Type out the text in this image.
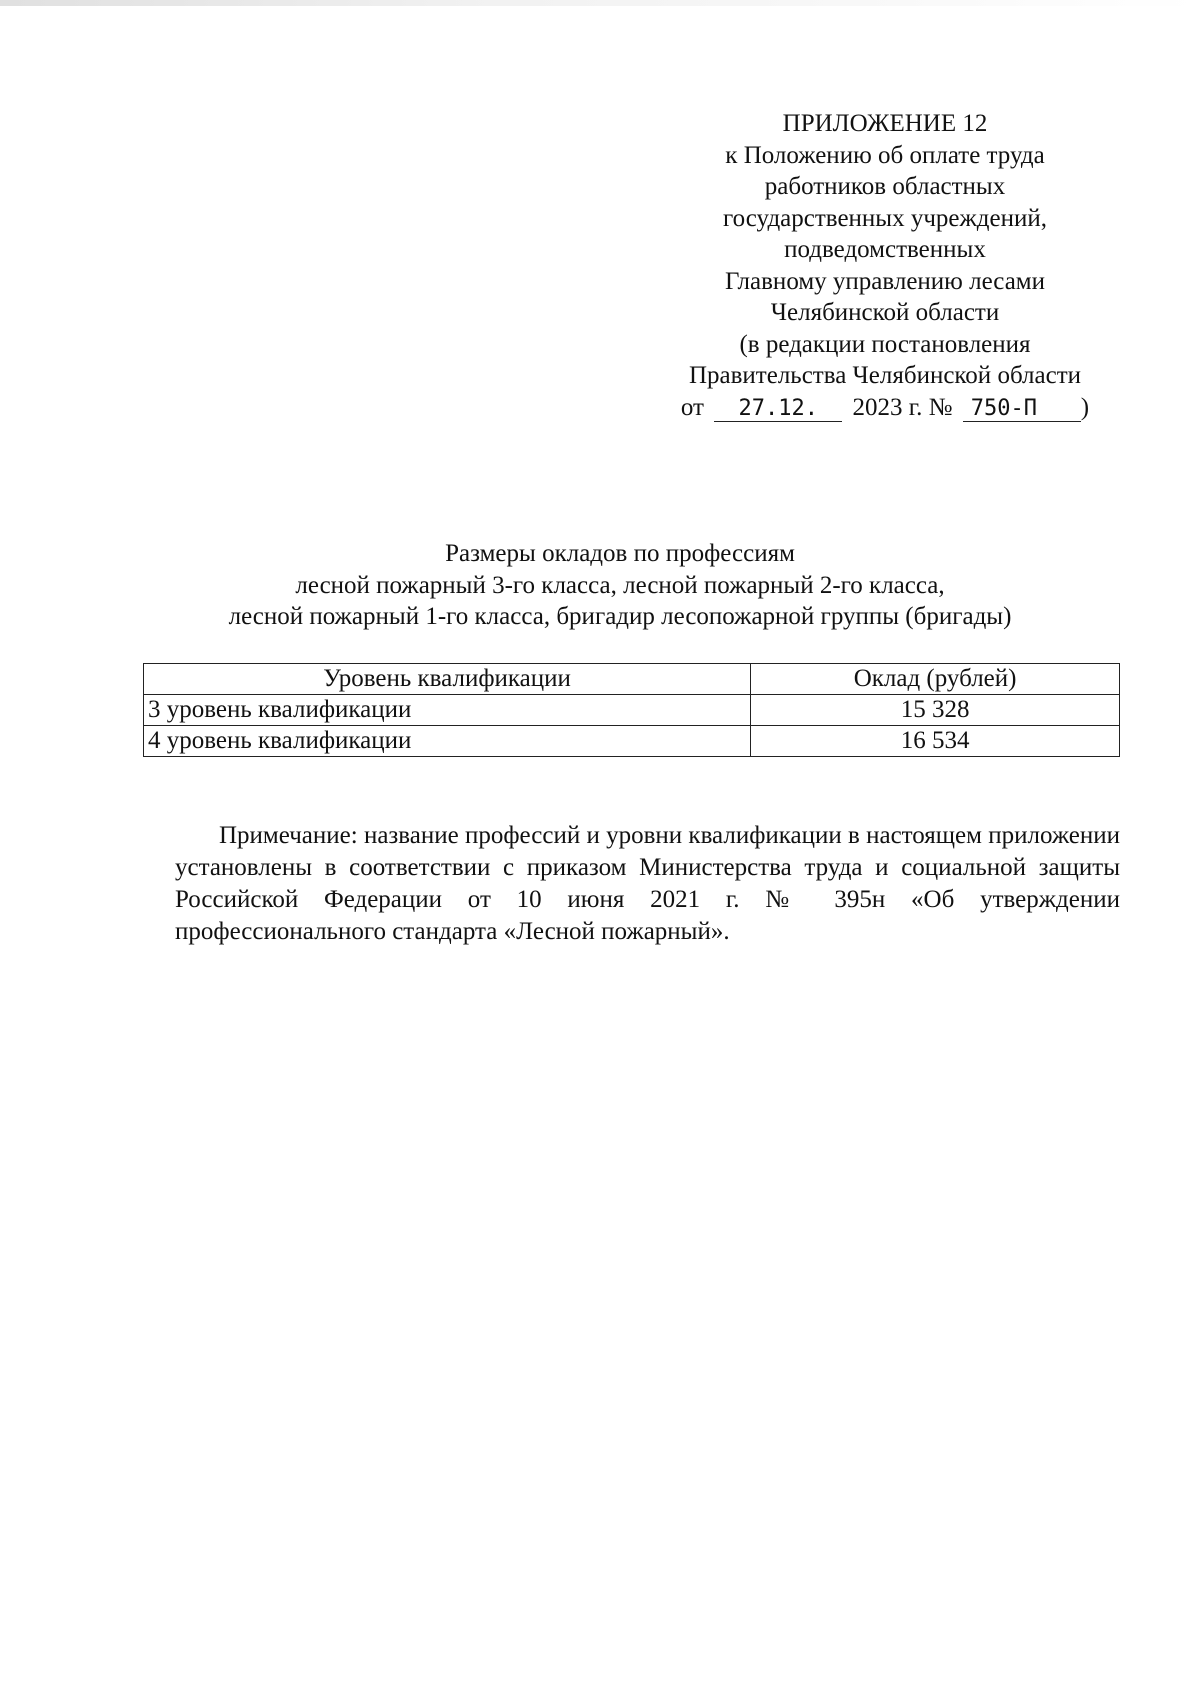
ПРИЛОЖЕНИЕ 12
к Положению об оплате труда
работников областных
государственных учреждений,
подведомственных
Главному управлению лесами
Челябинской области
(в редакции постановления
Правительства Челябинской области
от 27.12. 2023 г. № 750-П )
Размеры окладов по профессиям
лесной пожарный 3-го класса, лесной пожарный 2-го класса,
лесной пожарный 1-го класса, бригадир лесопожарной группы (бригады)
Уровень квалификации	Оклад (рублей)
3 уровень квалификации	15 328
4 уровень квалификации	16 534

Примечание: название профессий и уровни квалификации в настоящем приложении установлены в соответствии с приказом Министерства труда и социальной защиты Российской Федерации от 10 июня 2021 г. № 395н «Об утверждении профессионального стандарта «Лесной пожарный».
